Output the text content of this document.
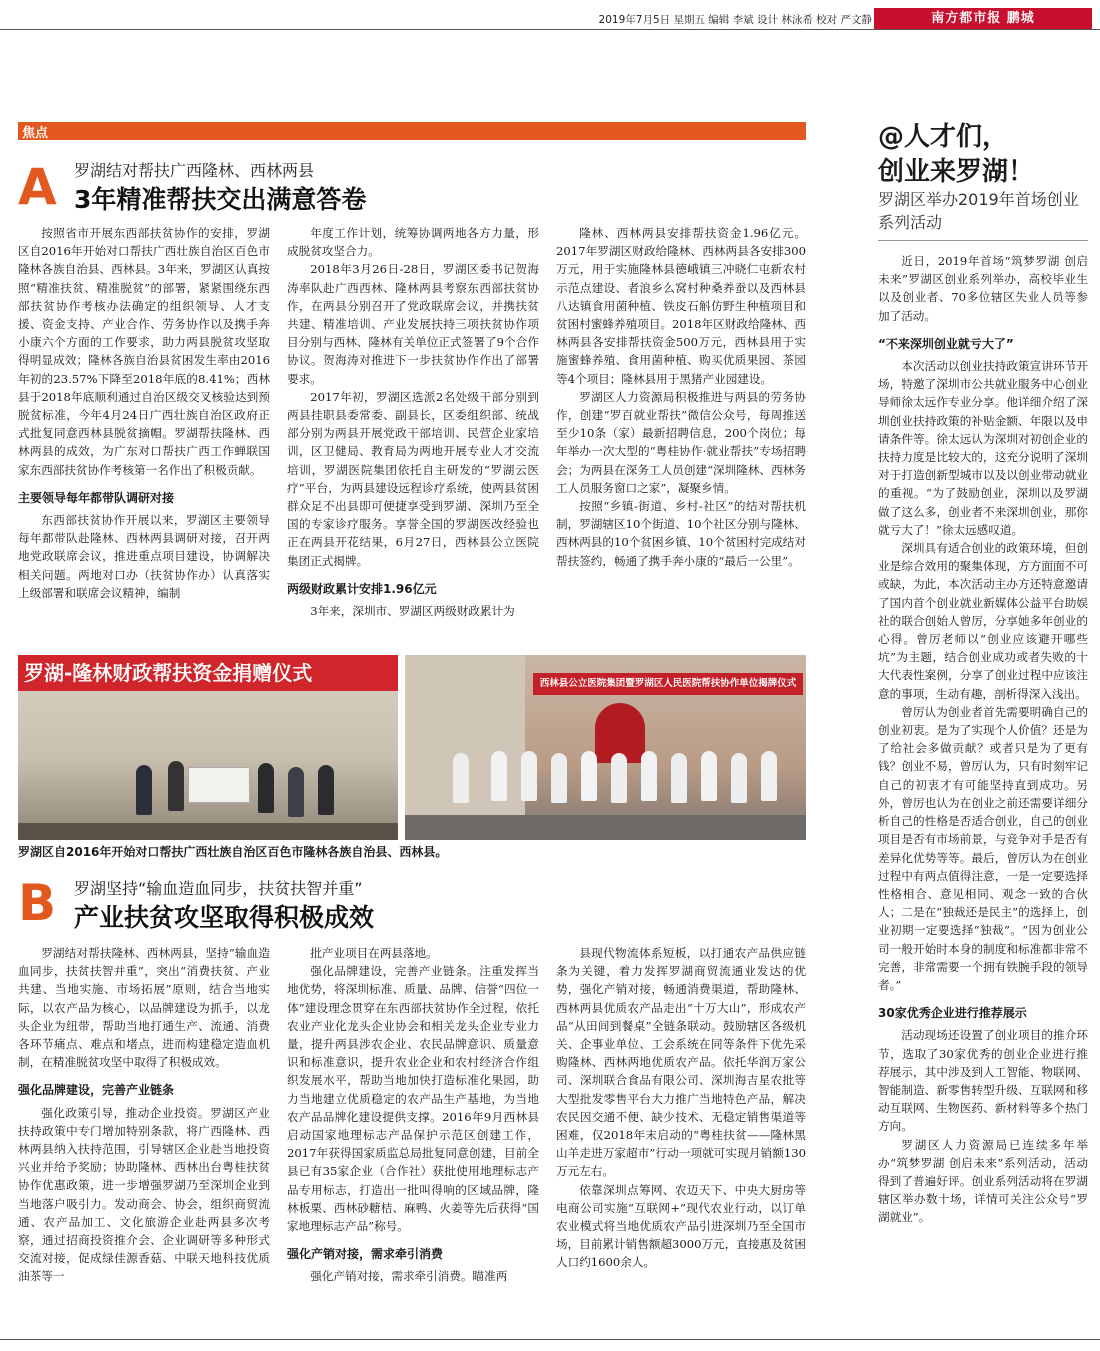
2019年7月5日 星期五 编辑 李斌 设计 林泳希 校对 严文静	南方都市报 鹏城
焦点
A 罗湖结对帮扶广西隆林、西林两县
3年精准帮扶交出满意答卷

按照省市开展东西部扶贫协作的安排，罗湖区自2016年开始对口帮扶广西壮族自治区百色市隆林各族自治县、西林县。3年来，罗湖区认真按照“精准扶贫、精准脱贫”的部署，紧紧围绕东西部扶贫协作考核办法确定的组织领导、人才支援、资金支持、产业合作、劳务协作以及携手奔小康六个方面的工作要求，助力两县脱贫攻坚取得明显成效；隆林各族自治县贫困发生率由2016年初的23.57%下降至2018年底的8.41%；西林县于2018年底顺利通过自治区级交叉核验达到预脱贫标准，今年4月24日广西壮族自治区政府正式批复同意西林县脱贫摘帽。罗湖帮扶隆林、西林两县的成效，为广东对口帮扶广西工作蝉联国家东西部扶贫协作考核第一名作出了积极贡献。

主要领导每年都带队调研对接

东西部扶贫协作开展以来，罗湖区主要领导每年都带队赴隆林、西林两县调研对接，召开两地党政联席会议，推进重点项目建设，协调解决相关问题。两地对口办（扶贫协作办）认真落实上级部署和联席会议精神，编制

年度工作计划，统筹协调两地各方力量，形成脱贫攻坚合力。

2018年3月26日-28日，罗湖区委书记贺海涛率队赴广西西林、隆林两县考察东西部扶贫协作，在两县分别召开了党政联席会议，并携扶贫共建、精准培训、产业发展扶持三项扶贫协作项目分别与西林、隆林有关单位正式签署了9个合作协议。贺海涛对推进下一步扶贫协作作出了部署要求。

2017年初，罗湖区选派2名处级干部分别到两县挂职县委常委、副县长，区委组织部、统战部分别为两县开展党政干部培训、民营企业家培训，区卫健局、教育局为两地开展专业人才交流培训，罗湖医院集团依托自主研发的“罗湖云医疗”平台，为两县建设远程诊疗系统，使两县贫困群众足不出县即可便捷享受到罗湖、深圳乃至全国的专家诊疗服务。享誉全国的罗湖医改经验也正在两县开花结果，6月27日，西林县公立医院集团正式揭牌。

两级财政累计安排1.96亿元

3年来，深圳市、罗湖区两级财政累计为

隆林、西林两县安排帮扶资金1.96亿元。2017年罗湖区财政给隆林、西林两县各安排300万元，用于实施隆林县德峨镇三冲晓仁屯新农村示范点建设、者浪乡么窝村种桑养蚕以及西林县八达镇食用菌种植、铁皮石斛仿野生种植项目和贫困村蜜蜂养殖项目。2018年区财政给隆林、西林两县各安排帮扶资金500万元，西林县用于实施蜜蜂养殖、食用菌种植、购买优质果园、茶园等4个项目；隆林县用于黑猪产业园建设。

罗湖区人力资源局积极推进与两县的劳务协作，创建“罗百就业帮扶”微信公众号，每周推送至少10条（家）最新招聘信息，200个岗位；每年举办一次大型的“粤桂协作·就业帮扶”专场招聘会；为两县在深务工人员创建“深圳隆林、西林务工人员服务窗口之家”，凝聚乡情。

按照“乡镇-街道、乡村-社区”的结对帮扶机制，罗湖辖区10个街道、10个社区分别与隆林、西林两县的10个贫困乡镇、10个贫困村完成结对帮扶签约，畅通了携手奔小康的“最后一公里”。

罗湖-隆林财政帮扶资金捐赠仪式	西林县公立医院集团暨罗湖区人民医院帮扶协作单位揭牌仪式
罗湖区自2016年开始对口帮扶广西壮族自治区百色市隆林各族自治县、西林县。
B 罗湖坚持“输血造血同步，扶贫扶智并重”
产业扶贫攻坚取得积极成效

罗湖结对帮扶隆林、西林两县，坚持“输血造血同步，扶贫扶智并重”，突出“消费扶贫、产业共建、当地实施、市场拓展”原则，结合当地实际，以农产品为核心，以品牌建设为抓手，以龙头企业为纽带，帮助当地打通生产、流通、消费各环节痛点、难点和堵点，进而构建稳定造血机制，在精准脱贫攻坚中取得了积极成效。

强化品牌建设，完善产业链条

强化政策引导，推动企业投资。罗湖区产业扶持政策中专门增加特别条款，将广西隆林、西林两县纳入扶持范围，引导辖区企业赴当地投资兴业并给予奖励；协助隆林、西林出台粤桂扶贫协作优惠政策，进一步增强罗湖乃至深圳企业到当地落户吸引力。发动商会、协会，组织商贸流通、农产品加工、文化旅游企业赴两县多次考察，通过招商投资推介会、企业调研等多种形式交流对接，促成绿佳源香菇、中联天地科技优质油茶等一

批产业项目在两县落地。

强化品牌建设，完善产业链条。注重发挥当地优势，将深圳标准、质量、品牌、信誉“四位一体”建设理念贯穿在东西部扶贫协作全过程，依托农业产业化龙头企业协会和相关龙头企业专业力量，提升两县涉农企业、农民品牌意识、质量意识和标准意识，提升农业企业和农村经济合作组织发展水平，帮助当地加快打造标准化果园，助力当地建立优质稳定的农产品生产基地，为当地农产品品牌化建设提供支撑。2016年9月西林县启动国家地理标志产品保护示范区创建工作，2017年获得国家质监总局批复同意创建，目前全县已有35家企业（合作社）获批使用地理标志产品专用标志，打造出一批叫得响的区域品牌，隆林板栗、西林砂糖桔、麻鸭、火姜等先后获得“国家地理标志产品”称号。

强化产销对接，需求牵引消费

强化产销对接，需求牵引消费。瞄准两

县现代物流体系短板，以打通农产品供应链条为关键，着力发挥罗湖商贸流通业发达的优势，强化产销对接，畅通消费渠道，帮助隆林、西林两县优质农产品走出“十万大山”，形成农产品“从田间到餐桌”全链条联动。鼓励辖区各级机关、企事业单位、工会系统在同等条件下优先采购隆林、西林两地优质农产品。依托华润万家公司、深圳联合食品有限公司、深圳海吉星农批等大型批发零售平台大力推广当地特色产品，解决农民因交通不便、缺少技术、无稳定销售渠道等困难，仅2018年末启动的“粤桂扶贫——隆林黑山羊走进万家超市”行动一项就可实现月销额130万元左右。

依靠深圳点筹网、农迈天下、中央大厨房等电商公司实施“互联网+”现代农业行动，以订单农业模式将当地优质农产品引进深圳乃至全国市场，目前累计销售额超3000万元，直接惠及贫困人口约1600余人。

@人才们，
创业来罗湖！
罗湖区举办2019年首场创业系列活动

近日，2019年首场“筑梦罗湖 创启未来”罗湖区创业系列举办，高校毕业生以及创业者、70多位辖区失业人员等参加了活动。

“不来深圳创业就亏大了”

本次活动以创业扶持政策宣讲环节开场，特邀了深圳市公共就业服务中心创业导师徐太远作专业分享。他详细介绍了深圳创业扶持政策的补贴金额、年限以及申请条件等。徐太远认为深圳对初创企业的扶持力度是比较大的，这充分说明了深圳对于打造创新型城市以及以创业带动就业的重视。“为了鼓励创业，深圳以及罗湖做了这么多，创业者不来深圳创业，那你就亏大了！”徐太远感叹道。

深圳具有适合创业的政策环境，但创业是综合效用的聚集体现，方方面面不可或缺，为此，本次活动主办方还特意邀请了国内首个创业就业新媒体公益平台助娱社的联合创始人曾厉，分享她多年创业的心得。曾厉老师以“创业应该避开哪些坑”为主题，结合创业成功或者失败的十大代表性案例，分享了创业过程中应该注意的事项，生动有趣，剖析得深入浅出。

曾厉认为创业者首先需要明确自己的创业初衷。是为了实现个人价值？还是为了给社会多做贡献？或者只是为了更有钱？创业不易，曾厉认为，只有时刻牢记自己的初衷才有可能坚持直到成功。另外，曾厉也认为在创业之前还需要详细分析自己的性格是否适合创业，自己的创业项目是否有市场前景，与竞争对手是否有差异化优势等等。最后，曾厉认为在创业过程中有两点值得注意，一是一定要选择性格相合、意见相同、观念一致的合伙人；二是在“独裁还是民主”的选择上，创业初期一定要选择“独裁”。“因为创业公司一般开始时本身的制度和标准都非常不完善，非常需要一个拥有铁腕手段的领导者。”

30家优秀企业进行推荐展示

活动现场还设置了创业项目的推介环节，选取了30家优秀的创业企业进行推荐展示，其中涉及到人工智能、物联网、智能制造、新零售转型升级、互联网和移动互联网、生物医药、新材料等多个热门方向。

罗湖区人力资源局已连续多年举办“筑梦罗湖 创启未来”系列活动，活动得到了普遍好评。创业系列活动将在罗湖辖区举办数十场，详情可关注公众号“罗湖就业”。
